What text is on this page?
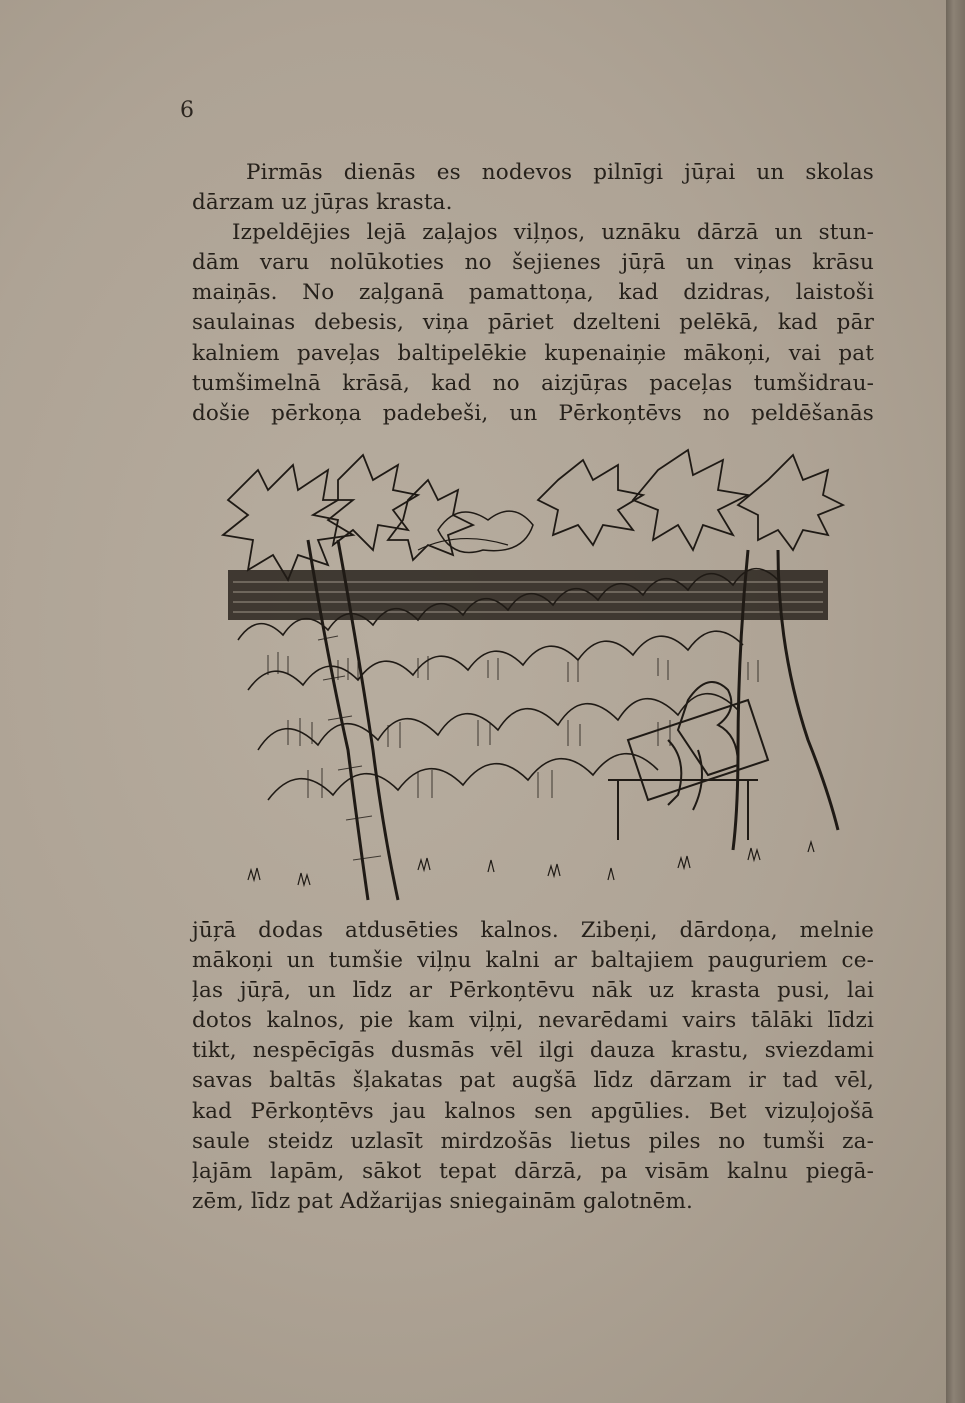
6
Pirmās dienās es nodevos pilnīgi jūŗai un skolas
dārzam uz jūŗas krasta.
Izpeldējies lejā zaļajos viļņos, uznāku dārzā un stun-
dām varu nolūkoties no šejienes jūŗā un viņas krāsu
maiņās. No zaļganā pamattoņa, kad dzidras, laistoši
saulainas debesis, viņa pāriet dzelteni pelēkā, kad pār
kalniem paveļas baltipelēkie kupenaiņie mākoņi, vai pat
tumšimelnā krāsā, kad no aizjūŗas paceļas tumšidrau-
došie pērkoņa padebeši, un Pērkoņtēvs no peldēšanās
jūŗā dodas atdusēties kalnos. Zibeņi, dārdoņa, melnie
mākoņi un tumšie viļņu kalni ar baltajiem pauguriem ce-
ļas jūŗā, un līdz ar Pērkoņtēvu nāk uz krasta pusi, lai
dotos kalnos, pie kam viļņi, nevarēdami vairs tālāki līdzi
tikt, nespēcīgās dusmās vēl ilgi dauza krastu, sviezdami
savas baltās šļakatas pat augšā līdz dārzam ir tad vēl,
kad Pērkoņtēvs jau kalnos sen apgūlies. Bet vizuļojošā
saule steidz uzlasīt mirdzošās lietus piles no tumši za-
ļajām lapām, sākot tepat dārzā, pa visām kalnu piegā-
zēm, līdz pat Adžarijas sniegainām galotnēm.
